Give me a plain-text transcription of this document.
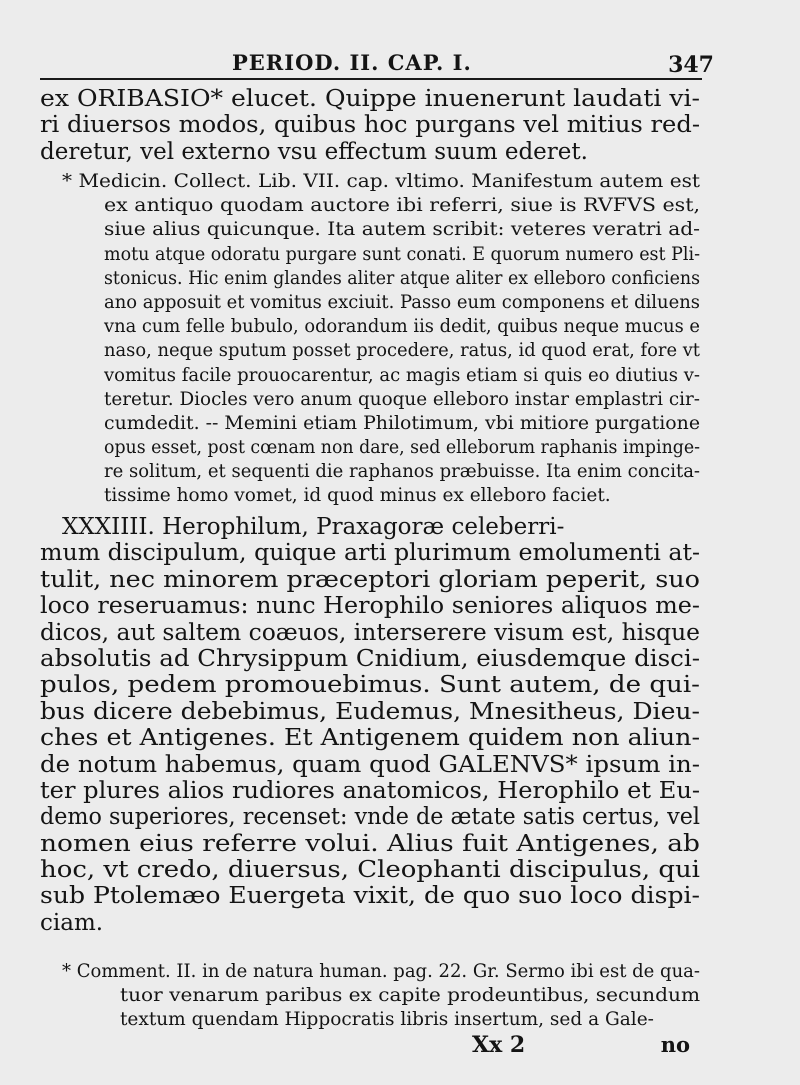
PERIOD. II. CAP. I.	347
ex ORIBASIO* elucet. Quippe inuenerunt laudati vi-
ri diuersos modos, quibus hoc purgans vel mitius red-
deretur, vel externo vsu effectum suum ederet.
* Medicin. Collect. Lib. VII. cap. vltimo. Manifestum autem est
ex antiquo quodam auctore ibi referri, siue is RVFVS est,
siue alius quicunque. Ita autem scribit: veteres veratri ad-
motu atque odoratu purgare sunt conati. E quorum numero est Pli-
stonicus. Hic enim glandes aliter atque aliter ex elleboro conficiens
ano apposuit et vomitus exciuit. Passo eum componens et diluens
vna cum felle bubulo, odorandum iis dedit, quibus neque mucus e
naso, neque sputum posset procedere, ratus, id quod erat, fore vt
vomitus facile prouocarentur, ac magis etiam si quis eo diutius v-
teretur. Diocles vero anum quoque elleboro instar emplastri cir-
cumdedit. -- Memini etiam Philotimum, vbi mitiore purgatione
opus esset, post cœnam non dare, sed elleborum raphanis impinge-
re solitum, et sequenti die raphanos præbuisse. Ita enim concita-
tissime homo vomet, id quod minus ex elleboro faciet.
XXXIIII. Herophilum, Praxagoræ celeberri-
mum discipulum, quique arti plurimum emolumenti at-
tulit, nec minorem præceptori gloriam peperit, suo
loco reseruamus: nunc Herophilo seniores aliquos me-
dicos, aut saltem coæuos, interserere visum est, hisque
absolutis ad Chrysippum Cnidium, eiusdemque disci-
pulos, pedem promouebimus. Sunt autem, de qui-
bus dicere debebimus, Eudemus, Mnesitheus, Dieu-
ches et Antigenes. Et Antigenem quidem non aliun-
de notum habemus, quam quod GALENVS* ipsum in-
ter plures alios rudiores anatomicos, Herophilo et Eu-
demo superiores, recenset: vnde de ætate satis certus, vel
nomen eius referre volui. Alius fuit Antigenes, ab
hoc, vt credo, diuersus, Cleophanti discipulus, qui
sub Ptolemæo Euergeta vixit, de quo suo loco dispi-
ciam.
* Comment. II. in de natura human. pag. 22. Gr. Sermo ibi est de qua-
tuor venarum paribus ex capite prodeuntibus, secundum
textum quendam Hippocratis libris insertum, sed a Gale-
Xx 2	no
